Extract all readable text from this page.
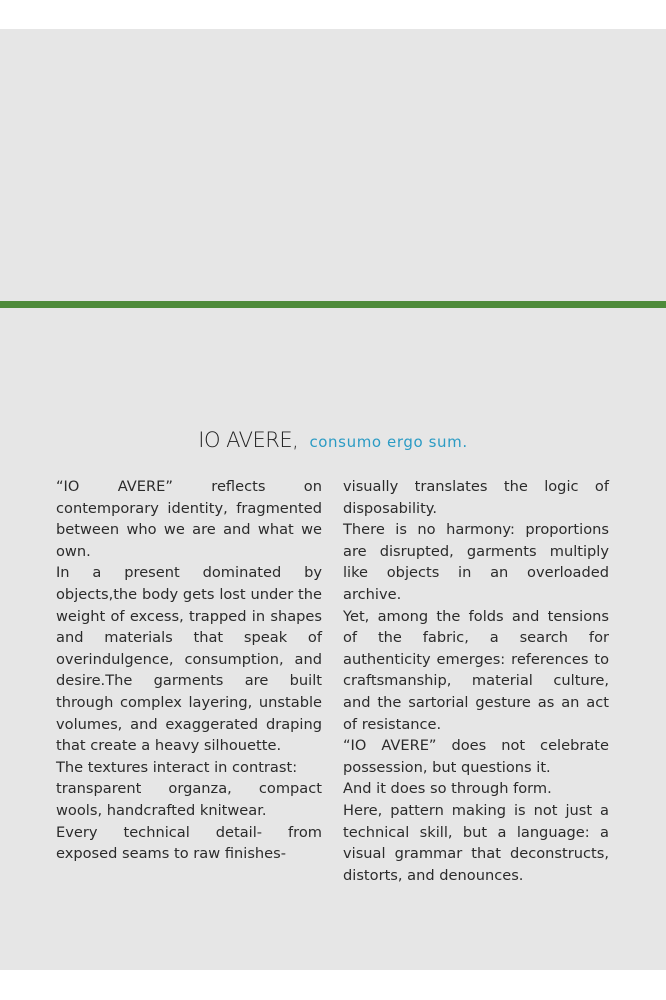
IO AVERE, consumo ergo sum.

“IO AVERE” reflects on contemporary identity, fragmented between who we are and what we own.

In a present dominated by objects,the body gets lost under the weight of excess, trapped in shapes and materials that speak of overindulgence, consumption, and desire.The garments are built through complex layering, unstable volumes, and exaggerated draping that create a heavy silhouette.

The textures interact in contrast:

transparent organza, compact wools, handcrafted knitwear.

Every technical detail- from exposed seams to raw finishes-

visually translates the logic of disposability.

There is no harmony: proportions are disrupted, garments multiply like objects in an overloaded archive.

Yet, among the folds and tensions of the fabric, a search for authenticity emerges: references to craftsmanship, material culture, and the sartorial gesture as an act of resistance.

“IO AVERE” does not celebrate possession, but questions it.

And it does so through form.

Here, pattern making is not just a technical skill, but a language: a visual grammar that deconstructs, distorts, and denounces.
